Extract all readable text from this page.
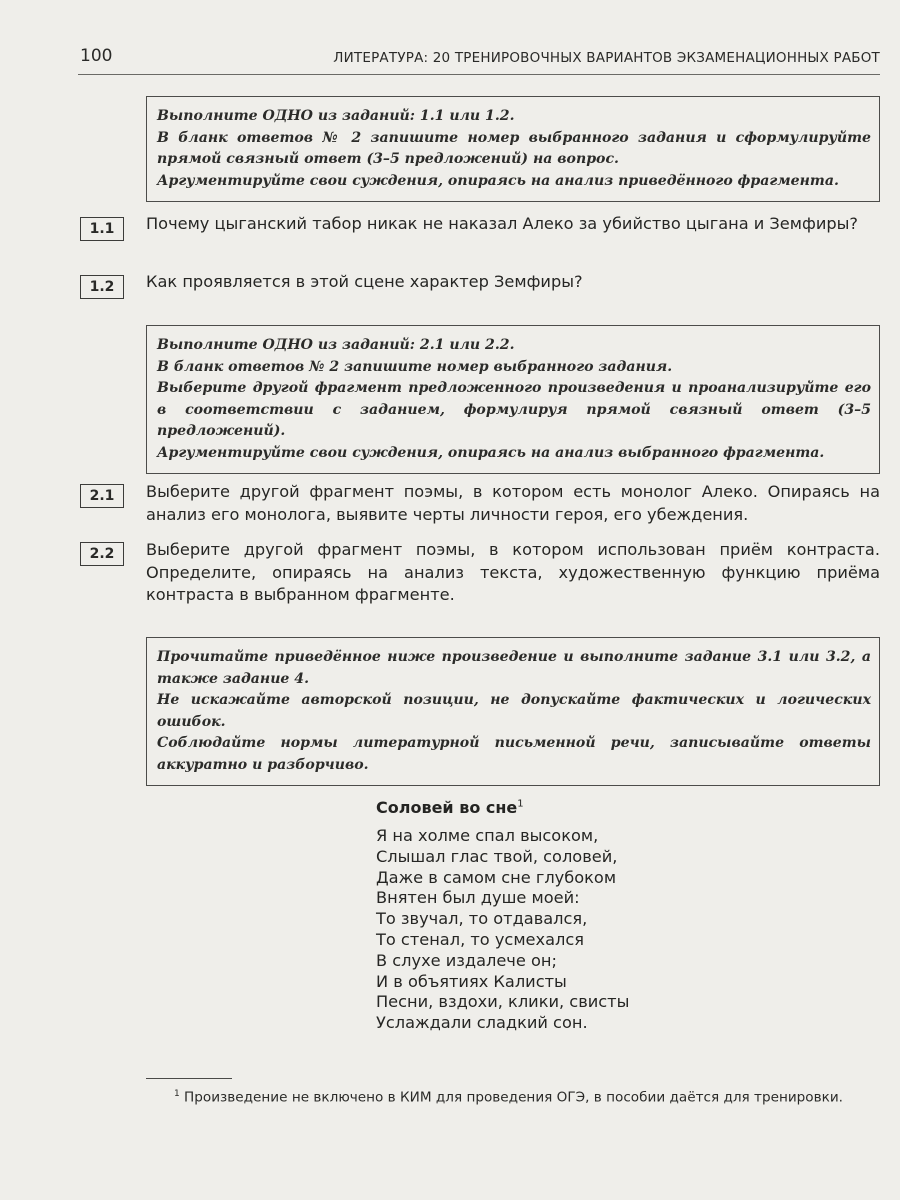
100	ЛИТЕРАТУРА: 20 ТРЕНИРОВОЧНЫХ ВАРИАНТОВ ЭКЗАМЕНАЦИОННЫХ РАБОТ

Выполните ОДНО из заданий: 1.1 или 1.2.

В бланк ответов № 2 запишите номер выбранного задания и сформулируйте прямой связный ответ (3–5 предложений) на вопрос.

Аргументируйте свои суждения, опираясь на анализ приведённого фрагмента.

1.1	Почему цыганский табор никак не наказал Алеко за убийство цыгана и Земфиры?

1.2	Как проявляется в этой сцене характер Земфиры?

Выполните ОДНО из заданий: 2.1 или 2.2.

В бланк ответов № 2 запишите номер выбранного задания.

Выберите другой фрагмент предложенного произведения и проанализируйте его в соответствии с заданием, формулируя прямой связный ответ (3–5 предложений).

Аргументируйте свои суждения, опираясь на анализ выбранного фрагмента.

2.1	Выберите другой фрагмент поэмы, в котором есть монолог Алеко. Опираясь на анализ его монолога, выявите черты личности героя, его убеждения.

2.2	Выберите другой фрагмент поэмы, в котором использован приём контраста. Определите, опираясь на анализ текста, художественную функцию приёма контраста в выбранном фрагменте.

Прочитайте приведённое ниже произведение и выполните задание 3.1 или 3.2, а также задание 4.

Не искажайте авторской позиции, не допускайте фактических и логических ошибок.

Соблюдайте нормы литературной письменной речи, записывайте ответы аккуратно и разборчиво.

Соловей во сне$^1$
Я на холме спал высоком,
Слышал глас твой, соловей,
Даже в самом сне глубоком
Внятен был душе моей:
То звучал, то отдавался,
То стенал, то усмехался
В слухе издалече он;
И в объятиях Калисты
Песни, вздохи, клики, свисты
Услаждали сладкий сон.

$^1$ Произведение не включено в КИМ для проведения ОГЭ, в пособии даётся для тренировки.
